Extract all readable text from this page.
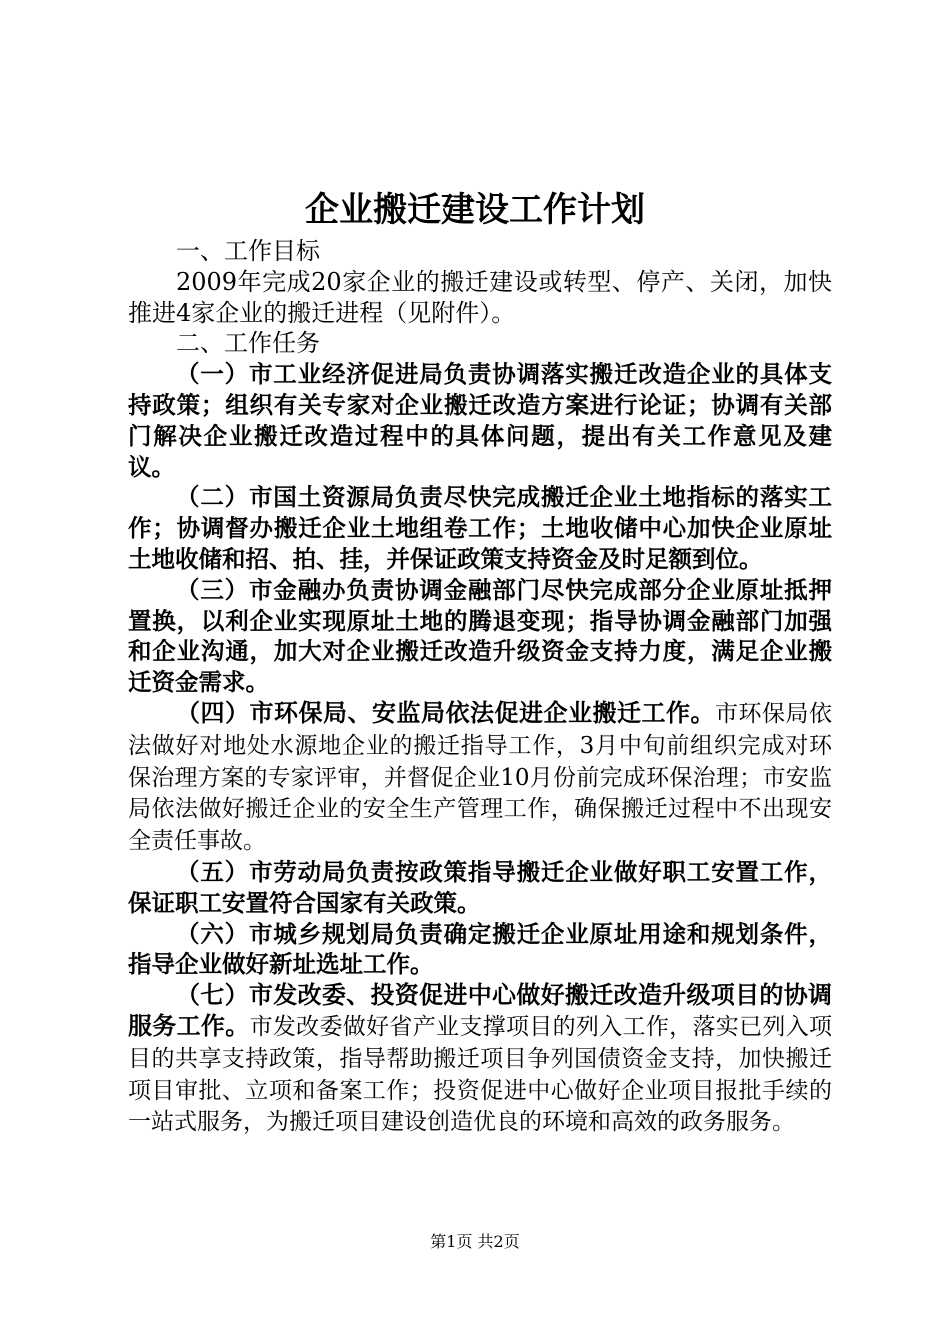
企业搬迁建设工作计划

一、工作目标

2009年完成20家企业的搬迁建设或转型、停产、关闭，加快推进4家企业的搬迁进程（见附件）。

二、工作任务

（一）市工业经济促进局负责协调落实搬迁改造企业的具体支持政策；组织有关专家对企业搬迁改造方案进行论证；协调有关部门解决企业搬迁改造过程中的具体问题，提出有关工作意见及建议。

（二）市国土资源局负责尽快完成搬迁企业土地指标的落实工作；协调督办搬迁企业土地组卷工作；土地收储中心加快企业原址土地收储和招、拍、挂，并保证政策支持资金及时足额到位。

（三）市金融办负责协调金融部门尽快完成部分企业原址抵押置换，以利企业实现原址土地的腾退变现；指导协调金融部门加强和企业沟通，加大对企业搬迁改造升级资金支持力度，满足企业搬迁资金需求。

（四）市环保局、安监局依法促进企业搬迁工作。市环保局依法做好对地处水源地企业的搬迁指导工作，3月中旬前组织完成对环保治理方案的专家评审，并督促企业10月份前完成环保治理；市安监局依法做好搬迁企业的安全生产管理工作，确保搬迁过程中不出现安全责任事故。

（五）市劳动局负责按政策指导搬迁企业做好职工安置工作，保证职工安置符合国家有关政策。

（六）市城乡规划局负责确定搬迁企业原址用途和规划条件，指导企业做好新址选址工作。

（七）市发改委、投资促进中心做好搬迁改造升级项目的协调服务工作。市发改委做好省产业支撑项目的列入工作，落实已列入项目的共享支持政策，指导帮助搬迁项目争列国债资金支持，加快搬迁项目审批、立项和备案工作；投资促进中心做好企业项目报批手续的一站式服务，为搬迁项目建设创造优良的环境和高效的政务服务。

第1页 共2页
